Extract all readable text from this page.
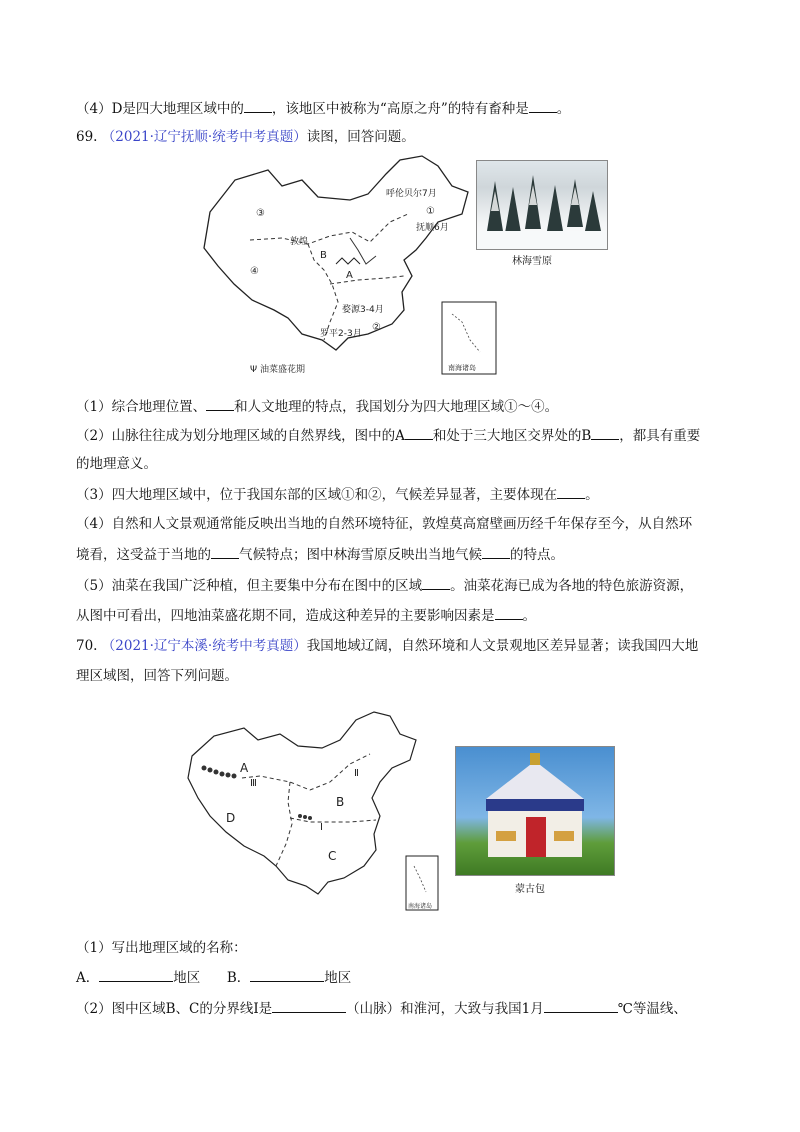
（4）D是四大地理区域中的 ，该地区中被称为“高原之舟”的特有畜种是 。
69. （2021·辽宁抚顺·统考中考真题）读图，回答问题。
③	①
④
②
B
A
呼伦贝尔7月
抚顺6月
敦煌
婺源3-4月
罗平2-3月
Ψ 油菜盛花期	南海诸岛
林海雪原
（1）综合地理位置、 和人文地理的特点，我国划分为四大地理区域①～④。
（2）山脉往往成为划分地理区域的自然界线，图中的A 和处于三大地区交界处的B ，都具有重要
的地理意义。
（3）四大地理区域中，位于我国东部的区域①和②，气候差异显著，主要体现在 。
（4）自然和人文景观通常能反映出当地的自然环境特征，敦煌莫高窟壁画历经千年保存至今，从自然环
境看，这受益于当地的 气候特点；图中林海雪原反映出当地气候 的特点。
（5）油菜在我国广泛种植，但主要集中分布在图中的区域 。油菜花海已成为各地的特色旅游资源，
从图中可看出，四地油菜盛花期不同，造成这种差异的主要影响因素是 。
70. （2021·辽宁本溪·统考中考真题）我国地域辽阔，自然环境和人文景观地区差异显著；读我国四大地
理区域图，回答下列问题。
A
B
C
D
Ⅲ
Ⅱ
Ⅰ
南海诸岛
蒙古包
（1）写出地理区域的名称：
A．	地区 B．	地区
（2）图中区域B、C的分界线Ⅰ是	（山脉）和淮河，大致与我国1月	℃等温线、
